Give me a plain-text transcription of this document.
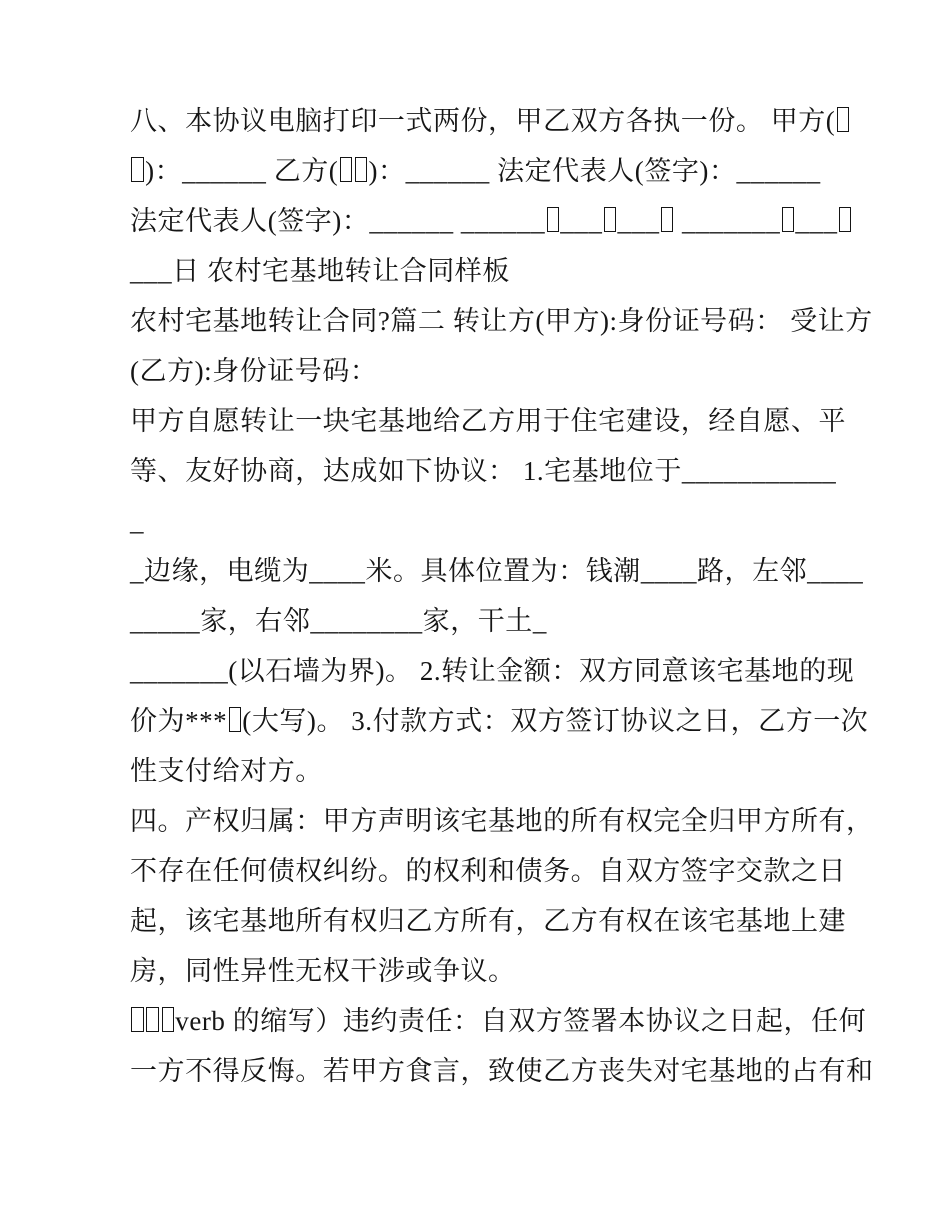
八、本协议电脑打印一式两份，甲乙双方各执一份。 甲方(
)：______ 乙方( )：______ 法定代表人(签字)：______
法定代表人(签字)：______ ______ ___ ___ _______ ___
___日 农村宅基地转让合同样板
农村宅基地转让合同?篇二 转让方(甲方):身份证号码： 受让方
(乙方):身份证号码：
甲方自愿转让一块宅基地给乙方用于住宅建设，经自愿、平
等、友好协商，达成如下协议： 1.宅基地位于___________
_
_边缘，电缆为____米。具体位置为：钱潮____路，左邻____
_____家，右邻________家，干土_
_______(以石墙为界)。 2.转让金额：双方同意该宅基地的现
价为*** (大写)。 3.付款方式：双方签订协议之日，乙方一次
性支付给对方。
四。产权归属：甲方声明该宅基地的所有权完全归甲方所有，
不存在任何债权纠纷。的权利和债务。自双方签字交款之日
起，该宅基地所有权归乙方所有，乙方有权在该宅基地上建
房，同性异性无权干涉或争议。
verb 的缩写）违约责任：自双方签署本协议之日起，任何
一方不得反悔。若甲方食言，致使乙方丧失对宅基地的占有和
